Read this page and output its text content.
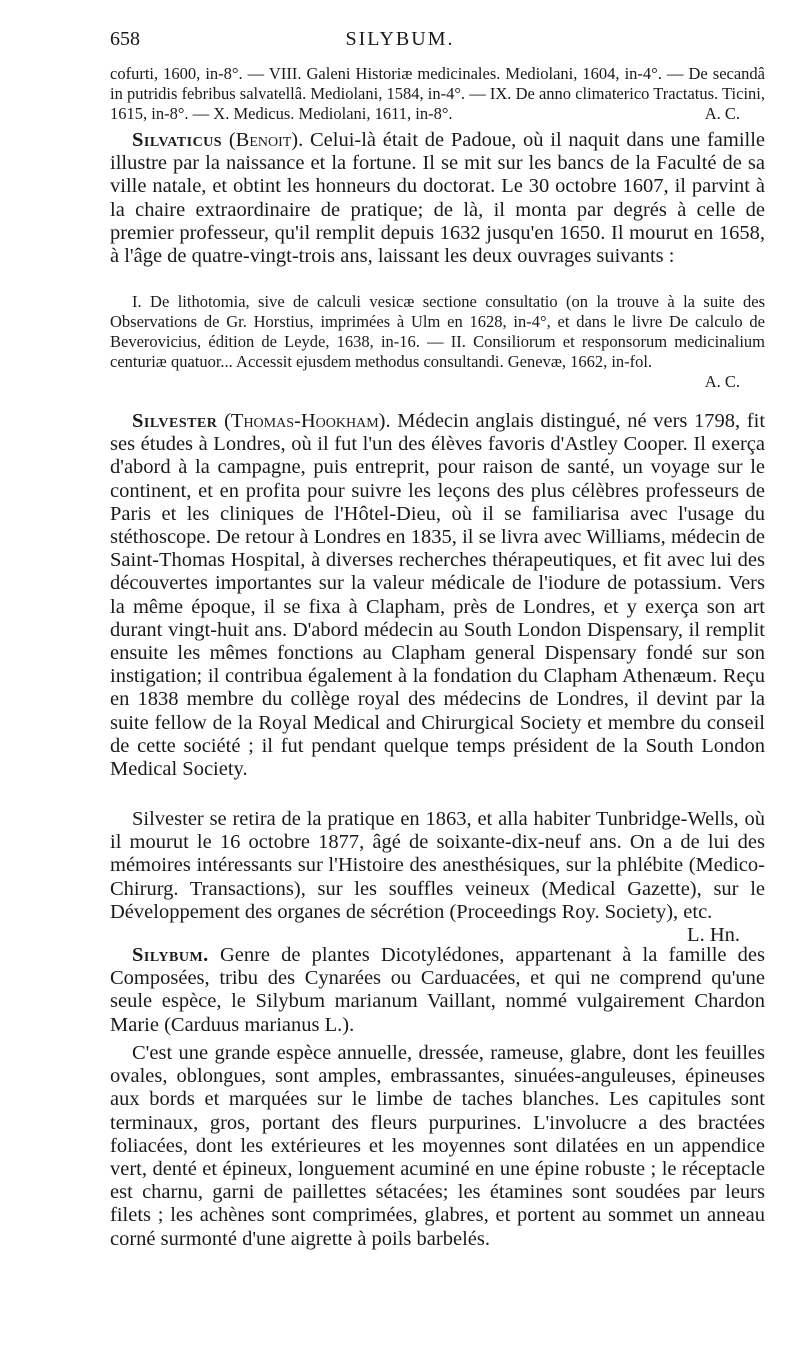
658	SILYBUM.
cofurti, 1600, in-8°. — VIII. Galeni Historiæ medicinales. Mediolani, 1604, in-4°. — De secandâ in putridis febribus salvatellâ. Mediolani, 1584, in-4°. — IX. De anno climaterico Tractatus. Ticini, 1615, in-8°. — X. Medicus. Mediolani, 1611, in-8°.	A. C.
Silvaticus (Benoit). Celui-là était de Padoue, où il naquit dans une famille illustre par la naissance et la fortune. Il se mit sur les bancs de la Faculté de sa ville natale, et obtint les honneurs du doctorat. Le 30 octobre 1607, il parvint à la chaire extraordinaire de pratique; de là, il monta par degrés à celle de premier professeur, qu'il remplit depuis 1632 jusqu'en 1650. Il mourut en 1658, à l'âge de quatre-vingt-trois ans, laissant les deux ouvrages suivants :
I. De lithotomia, sive de calculi vesicæ sectione consultatio (on la trouve à la suite des Observations de Gr. Horstius, imprimées à Ulm en 1628, in-4°, et dans le livre De calculo de Beverovicius, édition de Leyde, 1638, in-16. — II. Consiliorum et responsorum medicinalium centuriæ quatuor... Accessit ejusdem methodus consultandi. Genevæ, 1662, in-fol.
A. C.
Silvester (Thomas-Hookham). Médecin anglais distingué, né vers 1798, fit ses études à Londres, où il fut l'un des élèves favoris d'Astley Cooper. Il exerça d'abord à la campagne, puis entreprit, pour raison de santé, un voyage sur le continent, et en profita pour suivre les leçons des plus célèbres professeurs de Paris et les cliniques de l'Hôtel-Dieu, où il se familiarisa avec l'usage du stéthoscope. De retour à Londres en 1835, il se livra avec Williams, médecin de Saint-Thomas Hospital, à diverses recherches thérapeutiques, et fit avec lui des découvertes importantes sur la valeur médicale de l'iodure de potassium. Vers la même époque, il se fixa à Clapham, près de Londres, et y exerça son art durant vingt-huit ans. D'abord médecin au South London Dispensary, il remplit ensuite les mêmes fonctions au Clapham general Dispensary fondé sur son instigation; il contribua également à la fondation du Clapham Athenæum. Reçu en 1838 membre du collège royal des médecins de Londres, il devint par la suite fellow de la Royal Medical and Chirurgical Society et membre du conseil de cette société ; il fut pendant quelque temps président de la South London Medical Society.
Silvester se retira de la pratique en 1863, et alla habiter Tunbridge-Wells, où il mourut le 16 octobre 1877, âgé de soixante-dix-neuf ans. On a de lui des mémoires intéressants sur l'Histoire des anesthésiques, sur la phlébite (Medico-Chirurg. Transactions), sur les souffles veineux (Medical Gazette), sur le Développement des organes de sécrétion (Proceedings Roy. Society), etc.
L. Hn.
Silybum. Genre de plantes Dicotylédones, appartenant à la famille des Composées, tribu des Cynarées ou Carduacées, et qui ne comprend qu'une seule espèce, le Silybum marianum Vaillant, nommé vulgairement Chardon Marie (Carduus marianus L.).
C'est une grande espèce annuelle, dressée, rameuse, glabre, dont les feuilles ovales, oblongues, sont amples, embrassantes, sinuées-anguleuses, épineuses aux bords et marquées sur le limbe de taches blanches. Les capitules sont terminaux, gros, portant des fleurs purpurines. L'involucre a des bractées foliacées, dont les extérieures et les moyennes sont dilatées en un appendice vert, denté et épineux, longuement acuminé en une épine robuste ; le réceptacle est charnu, garni de paillettes sétacées; les étamines sont soudées par leurs filets ; les achènes sont comprimées, glabres, et portent au sommet un anneau corné surmonté d'une aigrette à poils barbelés.
